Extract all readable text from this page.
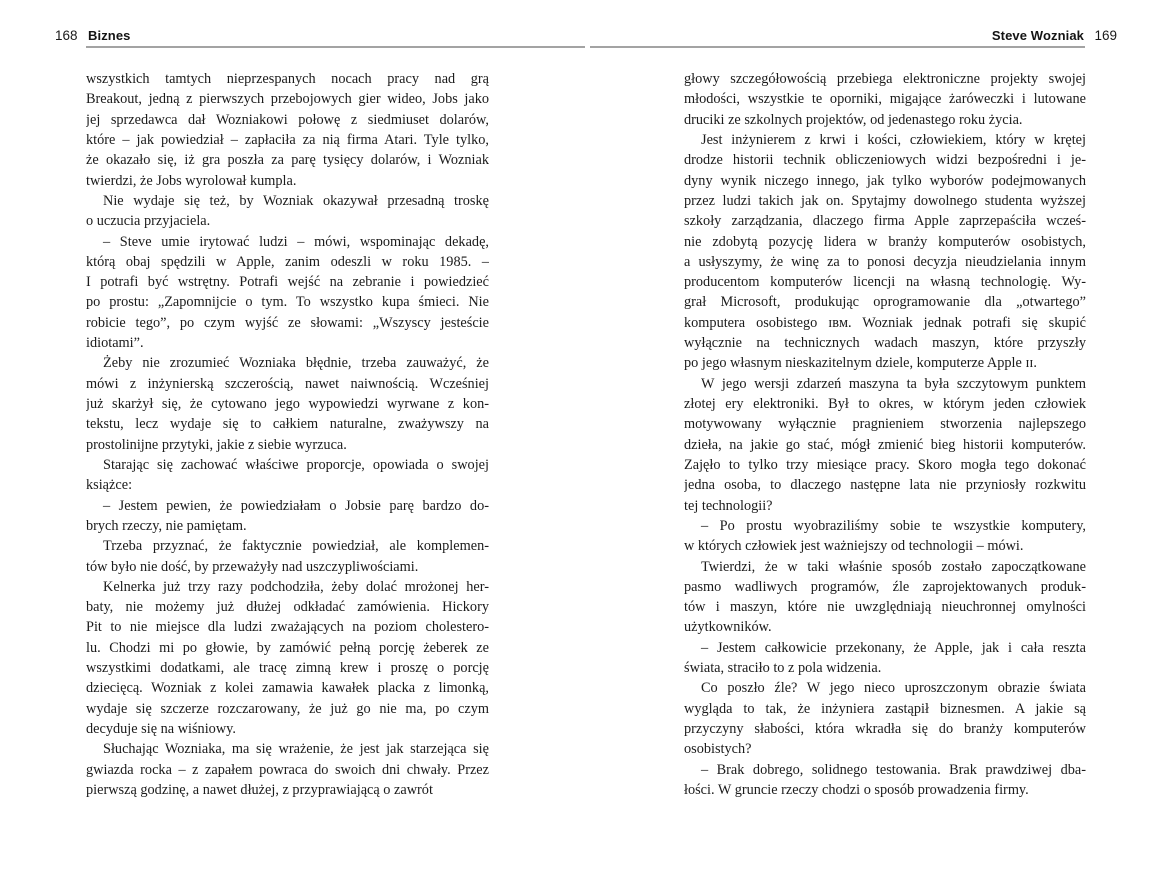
168 Biznes	Steve Wozniak 169
wszystkich tamtych nieprzespanych nocach pracy nad grą
Breakout, jedną z pierwszych przebojowych gier wideo, Jobs jako
jej sprzedawca dał Wozniakowi połowę z siedmiuset dolarów,
które – jak powiedział – zapłaciła za nią firma Atari. Tyle tylko,
że okazało się, iż gra poszła za parę tysięcy dolarów, i Wozniak
twierdzi, że Jobs wyrolował kumpla.
Nie wydaje się też, by Wozniak okazywał przesadną troskę
o uczucia przyjaciela.
– Steve umie irytować ludzi – mówi, wspominając dekadę,
którą obaj spędzili w Apple, zanim odeszli w roku 1985. –
I potrafi być wstrętny. Potrafi wejść na zebranie i powiedzieć
po prostu: „Zapomnijcie o tym. To wszystko kupa śmieci. Nie
robicie tego”, po czym wyjść ze słowami: „Wszyscy jesteście
idiotami”.
Żeby nie zrozumieć Wozniaka błędnie, trzeba zauważyć, że
mówi z inżynierską szczerością, nawet naiwnością. Wcześniej
już skarżył się, że cytowano jego wypowiedzi wyrwane z kon-
tekstu, lecz wydaje się to całkiem naturalne, zważywszy na
prostolinijne przytyki, jakie z siebie wyrzuca.
Starając się zachować właściwe proporcje, opowiada o swojej
książce:
– Jestem pewien, że powiedziałam o Jobsie parę bardzo do-
brych rzeczy, nie pamiętam.
Trzeba przyznać, że faktycznie powiedział, ale komplemen-
tów było nie dość, by przeważyły nad uszczypliwościami.
Kelnerka już trzy razy podchodziła, żeby dolać mrożonej her-
baty, nie możemy już dłużej odkładać zamówienia. Hickory
Pit to nie miejsce dla ludzi zważających na poziom cholestero-
lu. Chodzi mi po głowie, by zamówić pełną porcję żeberek ze
wszystkimi dodatkami, ale tracę zimną krew i proszę o porcję
dziecięcą. Wozniak z kolei zamawia kawałek placka z limonką,
wydaje się szczerze rozczarowany, że już go nie ma, po czym
decyduje się na wiśniowy.
Słuchając Wozniaka, ma się wrażenie, że jest jak starzejąca się
gwiazda rocka – z zapałem powraca do swoich dni chwały. Przez
pierwszą godzinę, a nawet dłużej, z przyprawiającą o zawrót
głowy szczegółowością przebiega elektroniczne projekty swojej
młodości, wszystkie te oporniki, migające żaróweczki i lutowane
druciki ze szkolnych projektów, od jedenastego roku życia.
Jest inżynierem z krwi i kości, człowiekiem, który w krętej
drodze historii technik obliczeniowych widzi bezpośredni i je-
dyny wynik niczego innego, jak tylko wyborów podejmowanych
przez ludzi takich jak on. Spytajmy dowolnego studenta wyższej
szkoły zarządzania, dlaczego firma Apple zaprzepaściła wcześ-
nie zdobytą pozycję lidera w branży komputerów osobistych,
a usłyszymy, że winę za to ponosi decyzja nieudzielania innym
producentom komputerów licencji na własną technologię. Wy-
grał Microsoft, produkując oprogramowanie dla „otwartego”
komputera osobistego ɪʙᴍ. Wozniak jednak potrafi się skupić
wyłącznie na technicznych wadach maszyn, które przyszły
po jego własnym nieskazitelnym dziele, komputerze Apple ɪɪ.
W jego wersji zdarzeń maszyna ta była szczytowym punktem
złotej ery elektroniki. Był to okres, w którym jeden człowiek
motywowany wyłącznie pragnieniem stworzenia najlepszego
dzieła, na jakie go stać, mógł zmienić bieg historii komputerów.
Zajęło to tylko trzy miesiące pracy. Skoro mogła tego dokonać
jedna osoba, to dlaczego następne lata nie przyniosły rozkwitu
tej technologii?
– Po prostu wyobraziliśmy sobie te wszystkie komputery,
w których człowiek jest ważniejszy od technologii – mówi.
Twierdzi, że w taki właśnie sposób zostało zapoczątkowane
pasmo wadliwych programów, źle zaprojektowanych produk-
tów i maszyn, które nie uwzględniają nieuchronnej omylności
użytkowników.
– Jestem całkowicie przekonany, że Apple, jak i cała reszta
świata, straciło to z pola widzenia.
Co poszło źle? W jego nieco uproszczonym obrazie świata
wygląda to tak, że inżyniera zastąpił biznesmen. A jakie są
przyczyny słabości, która wkradła się do branży komputerów
osobistych?
– Brak dobrego, solidnego testowania. Brak prawdziwej dba-
łości. W gruncie rzeczy chodzi o sposób prowadzenia firmy.
